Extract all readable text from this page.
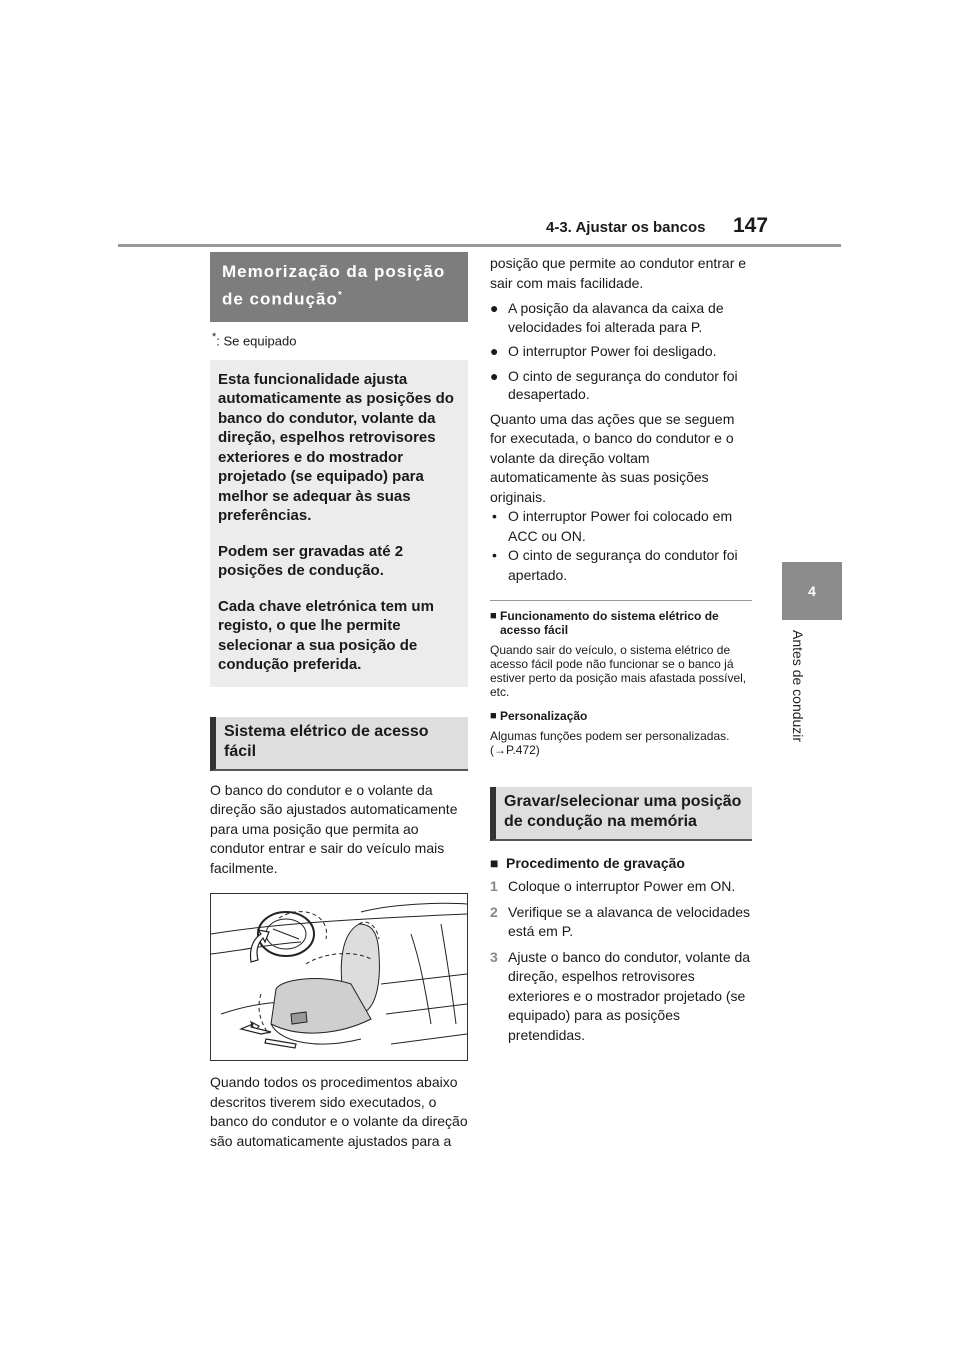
4-3. Ajustar os bancos 147
4
Antes de conduzir
Memorização da posição de condução*
*: Se equipado

Esta funcionalidade ajusta automaticamente as posições do banco do condutor, volante da direção, espelhos retrovisores exteriores e do mostrador projetado (se equipado) para melhor se adequar às suas preferências.

Podem ser gravadas até 2 posições de condução.

Cada chave eletrónica tem um registo, o que lhe permite selecionar a sua posição de condução preferida.

Sistema elétrico de acesso fácil

O banco do condutor e o volante da direção são ajustados automaticamente para uma posição que permita ao condutor entrar e sair do veículo mais facilmente.

Quando todos os procedimentos abaixo descritos tiverem sido executados, o banco do condutor e o volante da direção são automaticamente ajustados para a

posição que permite ao condutor entrar e sair com mais facilidade.

● A posição da alavanca da caixa de velocidades foi alterada para P.
● O interruptor Power foi desligado.
● O cinto de segurança do condutor foi desapertado.

Quanto uma das ações que se seguem for executada, o banco do condutor e o volante da direção voltam automaticamente às suas posições originais.

• O interruptor Power foi colocado em ACC ou ON.
• O cinto de segurança do condutor foi apertado.
■ Funcionamento do sistema elétrico de acesso fácil

Quando sair do veículo, o sistema elétrico de acesso fácil pode não funcionar se o banco já estiver perto da posição mais afastada possível, etc.

■ Personalização

Algumas funções podem ser personalizadas. (→P.472)

Gravar/selecionar uma posição de condução na memória
■ Procedimento de gravação
1 Coloque o interruptor Power em ON.
2 Verifique se a alavanca de velocidades está em P.
3 Ajuste o banco do condutor, volante da direção, espelhos retrovisores exteriores e o mostrador projetado (se equipado) para as posições pretendidas.
